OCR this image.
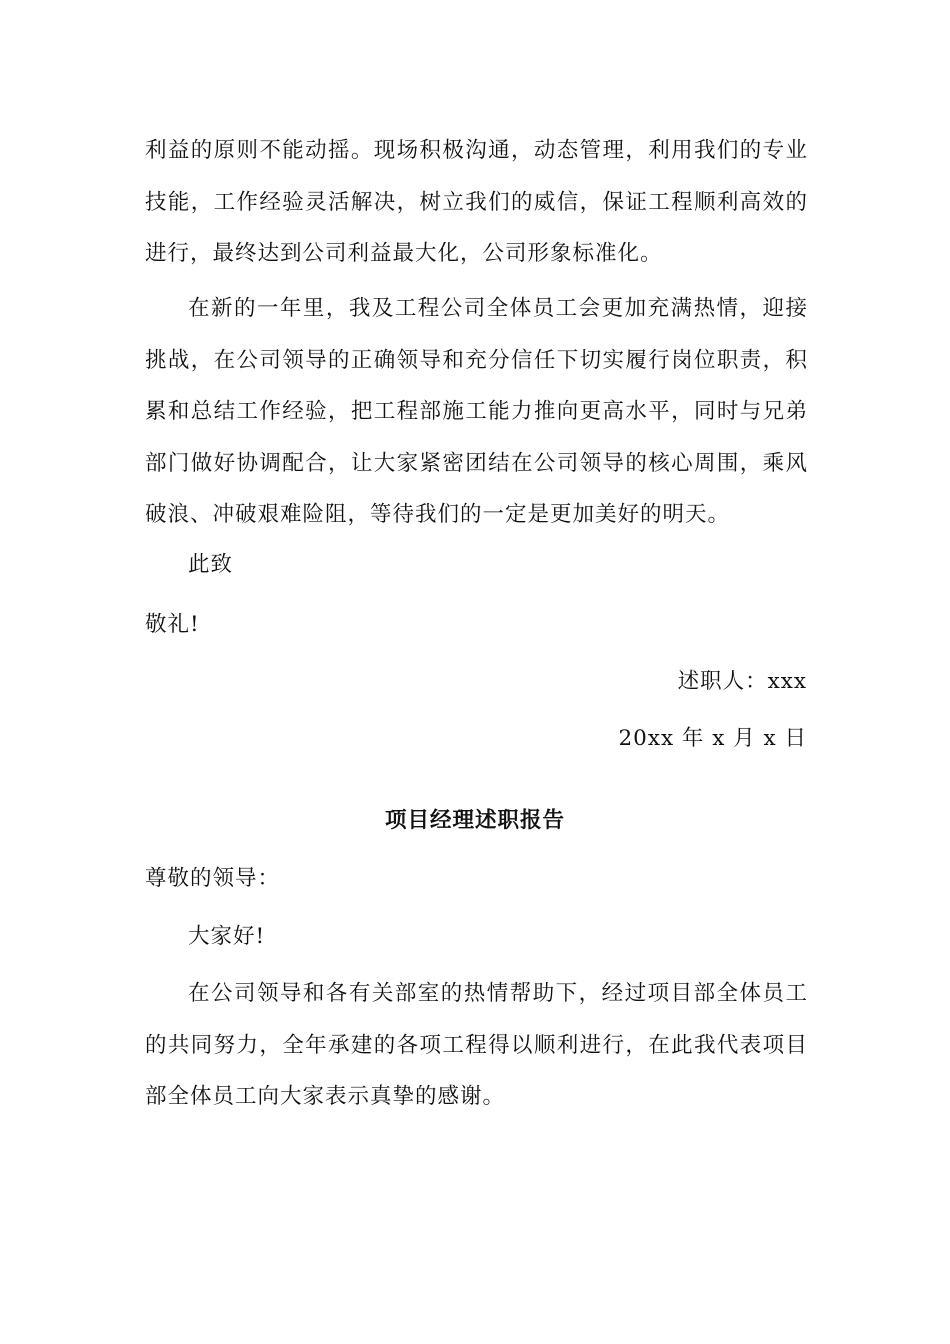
利益的原则不能动摇。现场积极沟通，动态管理，利用我们的专业技能，工作经验灵活解决，树立我们的威信，保证工程顺利高效的进行，最终达到公司利益最大化，公司形象标准化。

在新的一年里，我及工程公司全体员工会更加充满热情，迎接挑战，在公司领导的正确领导和充分信任下切实履行岗位职责，积累和总结工作经验，把工程部施工能力推向更高水平，同时与兄弟部门做好协调配合，让大家紧密团结在公司领导的核心周围，乘风破浪、冲破艰难险阻，等待我们的一定是更加美好的明天。

此致

敬礼!

述职人：xxx

20xx 年 x 月 x 日

项目经理述职报告

尊敬的领导：

大家好!

在公司领导和各有关部室的热情帮助下，经过项目部全体员工的共同努力，全年承建的各项工程得以顺利进行，在此我代表项目部全体员工向大家表示真挚的感谢。
